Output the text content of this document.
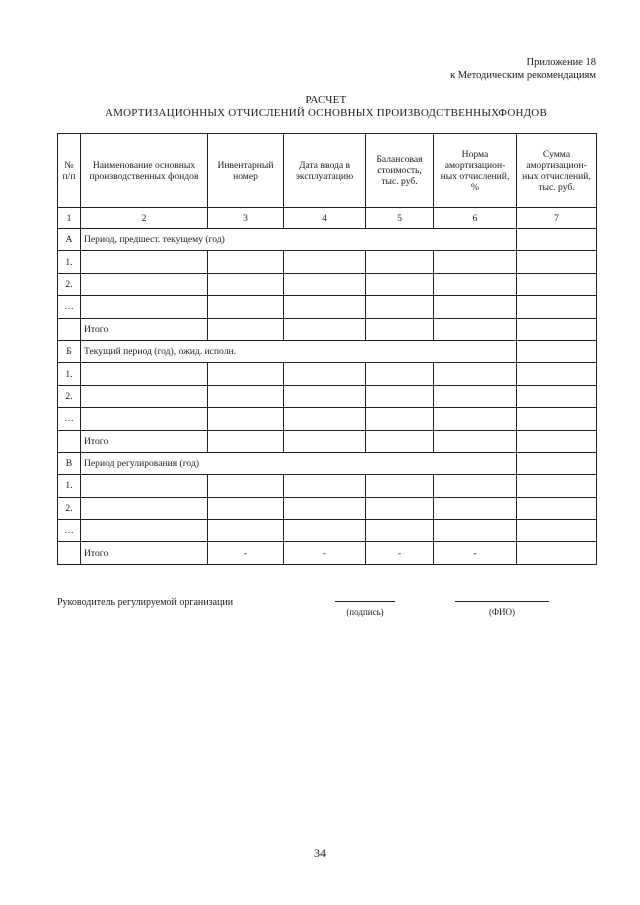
Приложение 18
к Методическим рекомендациям
РАСЧЕТ
АМОРТИЗАЦИОННЫХ ОТЧИСЛЕНИЙ ОСНОВНЫХ ПРОИЗВОДСТВЕННЫХФОНДОВ
№ п/п	Наименование основных производственных фондов	Инвентарный номер	Дата ввода в эксплуатацию	Балансовая стоимость, тыс. руб.	Норма амортизацион-ных отчислений, %	Сумма амортизацион-ных отчислений, тыс. руб.
1	2	3	4	5	6	7
А	Период, предшест. текущему (год)					
1.						
2.						
…						
	Итого					
Б	Текущий период (год), ожид. исполн.					
1.						
2.						
…						
	Итого					
В	Период регулирования (год)					
1.						
2.						
…						
	Итого	-	-	-	-	
Руководитель регулируемой организации
(подпись)	(ФИО)
34
